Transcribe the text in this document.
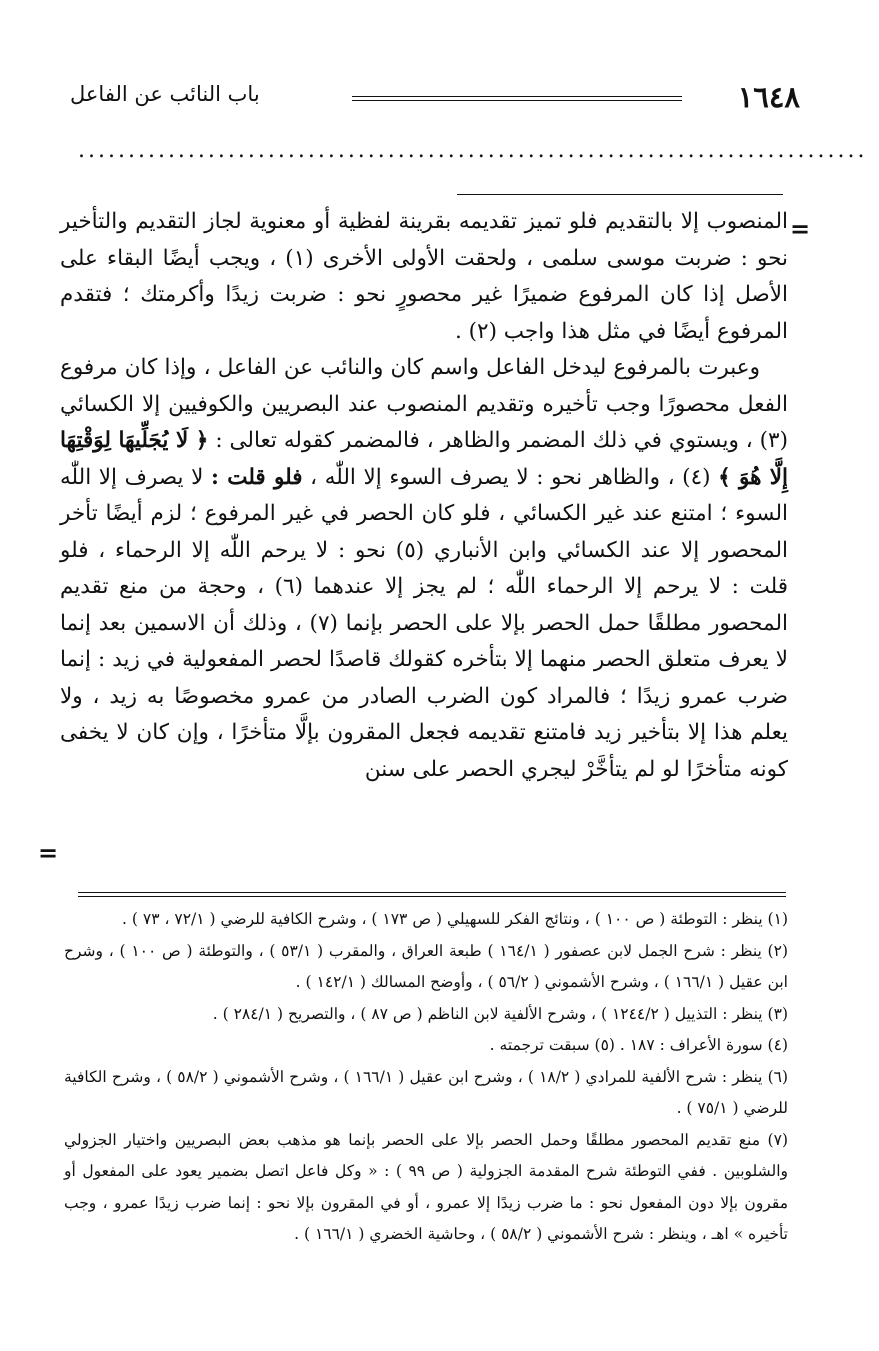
١٦٤٨
باب النائب عن الفاعل
...............................................................................
=

المنصوب إلا بالتقديم فلو تميز تقديمه بقرينة لفظية أو معنوية لجاز التقديم والتأخير نحو : ضربت موسى سلمى ، ولحقت الأولى الأخرى (١) ، ويجب أيضًا البقاء على الأصل إذا كان المرفوع ضميرًا غير محصورٍ نحو : ضربت زيدًا وأكرمتك ؛ فتقدم المرفوع أيضًا في مثل هذا واجب (٢) .

وعبرت بالمرفوع ليدخل الفاعل واسم كان والنائب عن الفاعل ، وإذا كان مرفوع الفعل محصورًا وجب تأخيره وتقديم المنصوب عند البصريين والكوفيين إلا الكسائي (٣) ، ويستوي في ذلك المضمر والظاهر ، فالمضمر كقوله تعالى : ﴿ لَا يُجَلِّيهَا لِوَقْتِهَا إِلَّا هُوَ ﴾ (٤) ، والظاهر نحو : لا يصرف السوء إلا اللّٰه ، فلو قلت : لا يصرف إلا اللّٰه السوء ؛ امتنع عند غير الكسائي ، فلو كان الحصر في غير المرفوع ؛ لزم أيضًا تأخر المحصور إلا عند الكسائي وابن الأنباري (٥) نحو : لا يرحم اللّٰه إلا الرحماء ، فلو قلت : لا يرحم إلا الرحماء اللّٰه ؛ لم يجز إلا عندهما (٦) ، وحجة من منع تقديم المحصور مطلقًا حمل الحصر بإلا على الحصر بإنما (٧) ، وذلك أن الاسمين بعد إنما لا يعرف متعلق الحصر منهما إلا بتأخره كقولك قاصدًا لحصر المفعولية في زيد : إنما ضرب عمرو زيدًا ؛ فالمراد كون الضرب الصادر من عمرو مخصوصًا به زيد ، ولا يعلم هذا إلا بتأخير زيد فامتنع تقديمه فجعل المقرون بإلَّا متأخرًا ، وإن كان لا يخفى كونه متأخرًا لو لم يتأخَّرْ ليجري الحصر على سنن

=

(١) ينظر : التوطئة ( ص ١٠٠ ) ، ونتائج الفكر للسهيلي ( ص ١٧٣ ) ، وشرح الكافية للرضي ( ٧٢/١ ، ٧٣ ) .

(٢) ينظر : شرح الجمل لابن عصفور ( ١٦٤/١ ) طبعة العراق ، والمقرب ( ٥٣/١ ) ، والتوطئة ( ص ١٠٠ ) ، وشرح ابن عقيل ( ١٦٦/١ ) ، وشرح الأشموني ( ٥٦/٢ ) ، وأوضح المسالك ( ١٤٢/١ ) .

(٣) ينظر : التذييل ( ١٢٤٤/٢ ) ، وشرح الألفية لابن الناظم ( ص ٨٧ ) ، والتصريح ( ٢٨٤/١ ) .

(٤) سورة الأعراف : ١٨٧ . (٥) سبقت ترجمته .

(٦) ينظر : شرح الألفية للمرادي ( ١٨/٢ ) ، وشرح ابن عقيل ( ١٦٦/١ ) ، وشرح الأشموني ( ٥٨/٢ ) ، وشرح الكافية للرضي ( ٧٥/١ ) .

(٧) منع تقديم المحصور مطلقًا وحمل الحصر بإلا على الحصر بإنما هو مذهب بعض البصريين واختيار الجزولي والشلوبين . ففي التوطئة شرح المقدمة الجزولية ( ص ٩٩ ) : « وكل فاعل اتصل بضمير يعود على المفعول أو مقرون بإلا دون المفعول نحو : ما ضرب زيدًا إلا عمرو ، أو في المقرون بإلا نحو : إنما ضرب زيدًا عمرو ، وجب تأخيره » اهـ ، وينظر : شرح الأشموني ( ٥٨/٢ ) ، وحاشية الخضري ( ١٦٦/١ ) .
